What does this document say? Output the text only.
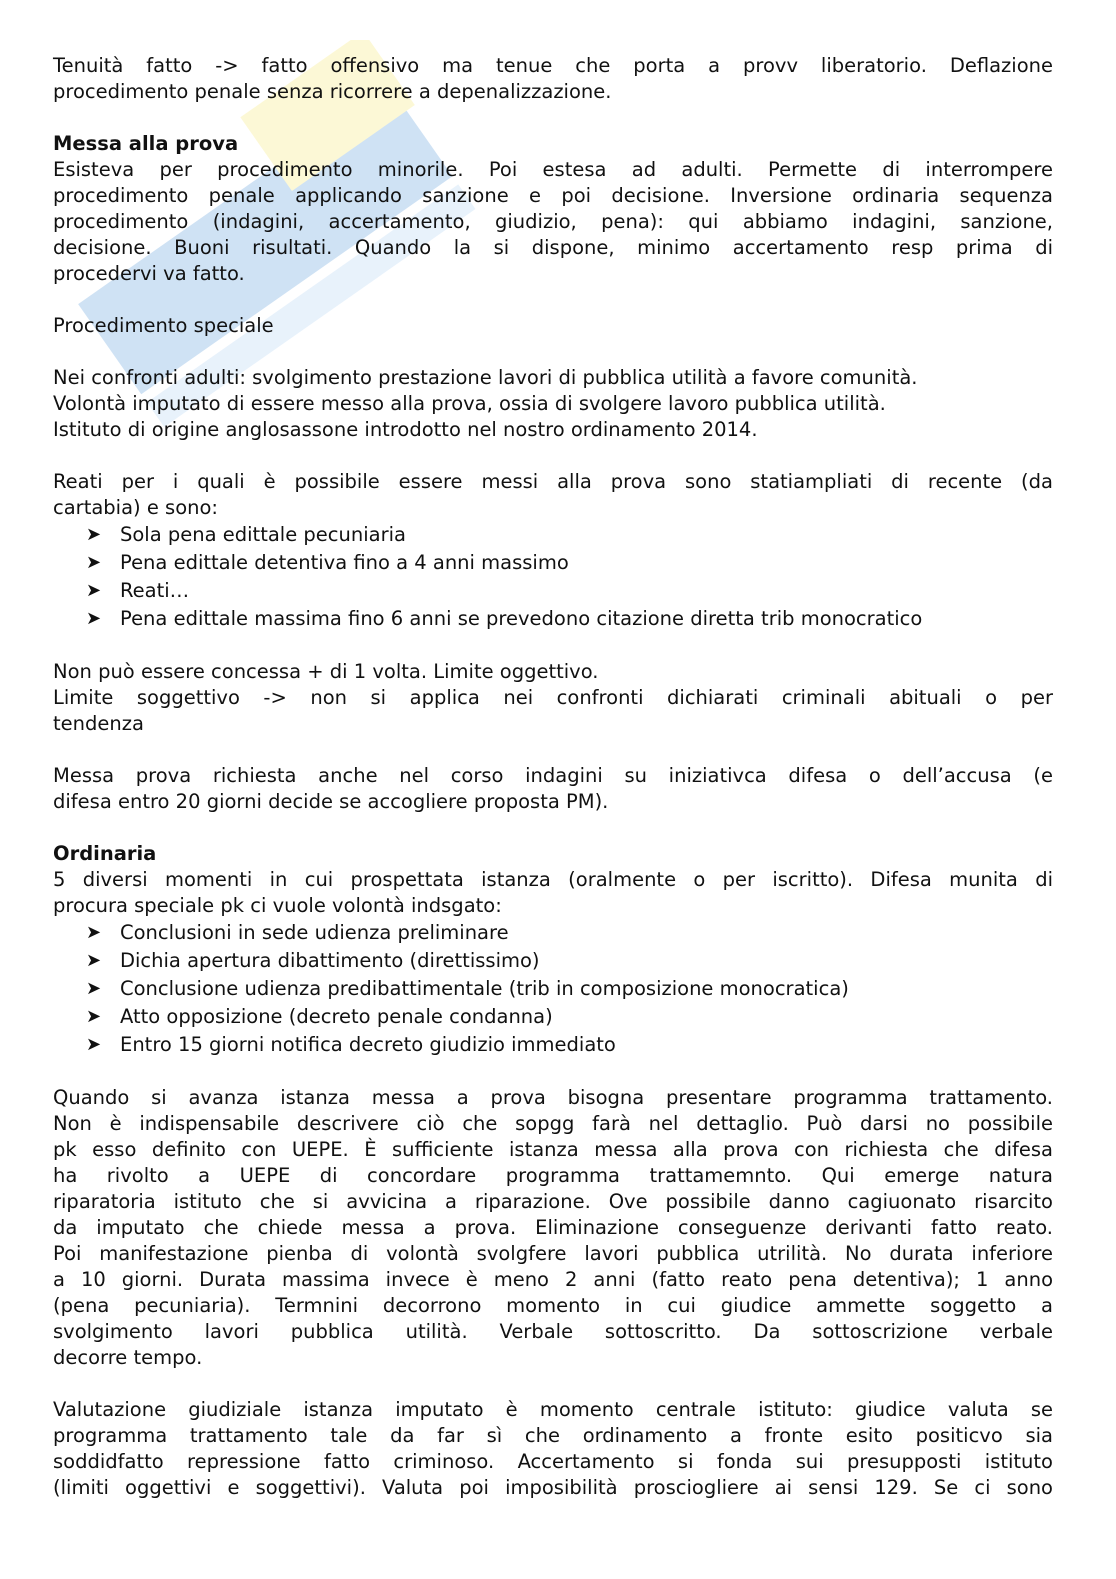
Tenuità fatto -> fatto offensivo ma tenue che porta a provv liberatorio. Deflazione
procedimento penale senza ricorrere a depenalizzazione.
Messa alla prova
Esisteva per procedimento minorile. Poi estesa ad adulti. Permette di interrompere
procedimento penale applicando sanzione e poi decisione. Inversione ordinaria sequenza
procedimento (indagini, accertamento, giudizio, pena): qui abbiamo indagini, sanzione,
decisione. Buoni risultati. Quando la si dispone, minimo accertamento resp prima di
procedervi va fatto.
Procedimento speciale
Nei confronti adulti: svolgimento prestazione lavori di pubblica utilità a favore comunità.
Volontà imputato di essere messo alla prova, ossia di svolgere lavoro pubblica utilità.
Istituto di origine anglosassone introdotto nel nostro ordinamento 2014.
Reati per i quali è possibile essere messi alla prova sono statiampliati di recente (da
cartabia) e sono:
➤ Sola pena edittale pecuniaria
➤ Pena edittale detentiva fino a 4 anni massimo
➤ Reati…
➤ Pena edittale massima fino 6 anni se prevedono citazione diretta trib monocratico
Non può essere concessa + di 1 volta. Limite oggettivo.
Limite soggettivo -> non si applica nei confronti dichiarati criminali abituali o per
tendenza
Messa prova richiesta anche nel corso indagini su iniziativca difesa o dell’accusa (e
difesa entro 20 giorni decide se accogliere proposta PM).
Ordinaria
5 diversi momenti in cui prospettata istanza (oralmente o per iscritto). Difesa munita di
procura speciale pk ci vuole volontà indsgato:
➤ Conclusioni in sede udienza preliminare
➤ Dichia apertura dibattimento (direttissimo)
➤ Conclusione udienza predibattimentale (trib in composizione monocratica)
➤ Atto opposizione (decreto penale condanna)
➤ Entro 15 giorni notifica decreto giudizio immediato
Quando si avanza istanza messa a prova bisogna presentare programma trattamento.
Non è indispensabile descrivere ciò che sopgg farà nel dettaglio. Può darsi no possibile
pk esso definito con UEPE. È sufficiente istanza messa alla prova con richiesta che difesa
ha rivolto a UEPE di concordare programma trattamemnto. Qui emerge natura
riparatoria istituto che si avvicina a riparazione. Ove possibile danno cagiuonato risarcito
da imputato che chiede messa a prova. Eliminazione conseguenze derivanti fatto reato.
Poi manifestazione pienba di volontà svolgfere lavori pubblica utrilità. No durata inferiore
a 10 giorni. Durata massima invece è meno 2 anni (fatto reato pena detentiva); 1 anno
(pena pecuniaria). Termnini decorrono momento in cui giudice ammette soggetto a
svolgimento lavori pubblica utilità. Verbale sottoscritto. Da sottoscrizione verbale
decorre tempo.
Valutazione giudiziale istanza imputato è momento centrale istituto: giudice valuta se
programma trattamento tale da far sì che ordinamento a fronte esito positicvo sia
soddidfatto repressione fatto criminoso. Accertamento si fonda sui presupposti istituto
(limiti oggettivi e soggettivi). Valuta poi imposibilità prosciogliere ai sensi 129. Se ci sono
